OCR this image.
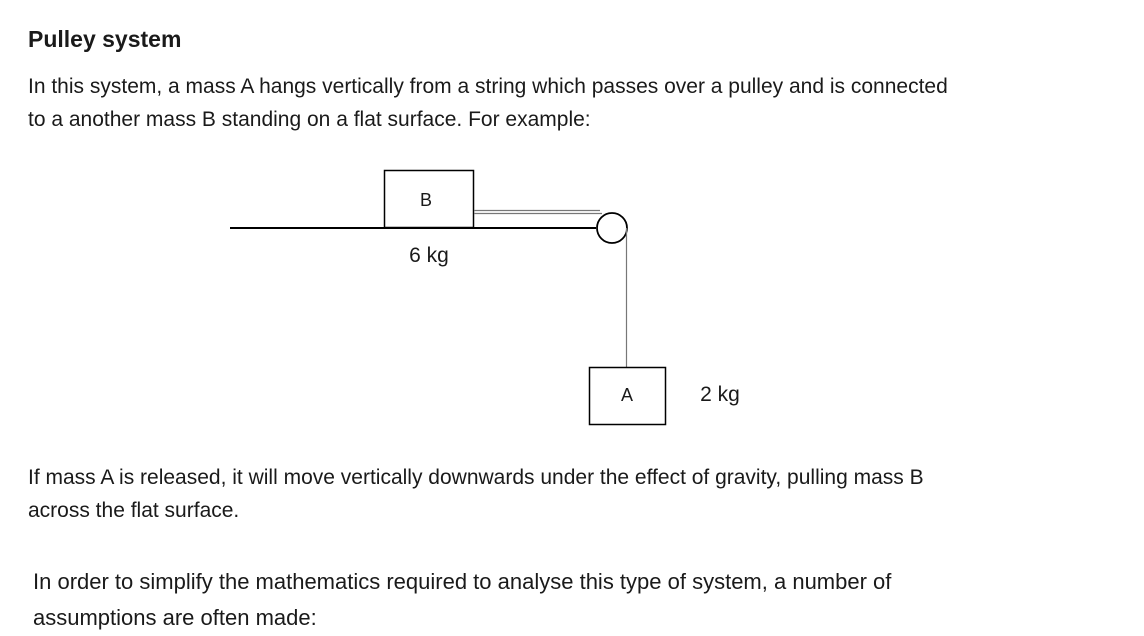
Pulley system

In this system, a mass A hangs vertically from a string which passes over a pulley and is connected
to a another mass B standing on a flat surface. For example:

B
6 kg
A	2 kg

If mass A is released, it will move vertically downwards under the effect of gravity, pulling mass B
across the flat surface.

In order to simplify the mathematics required to analyse this type of system, a number of
assumptions are often made:
